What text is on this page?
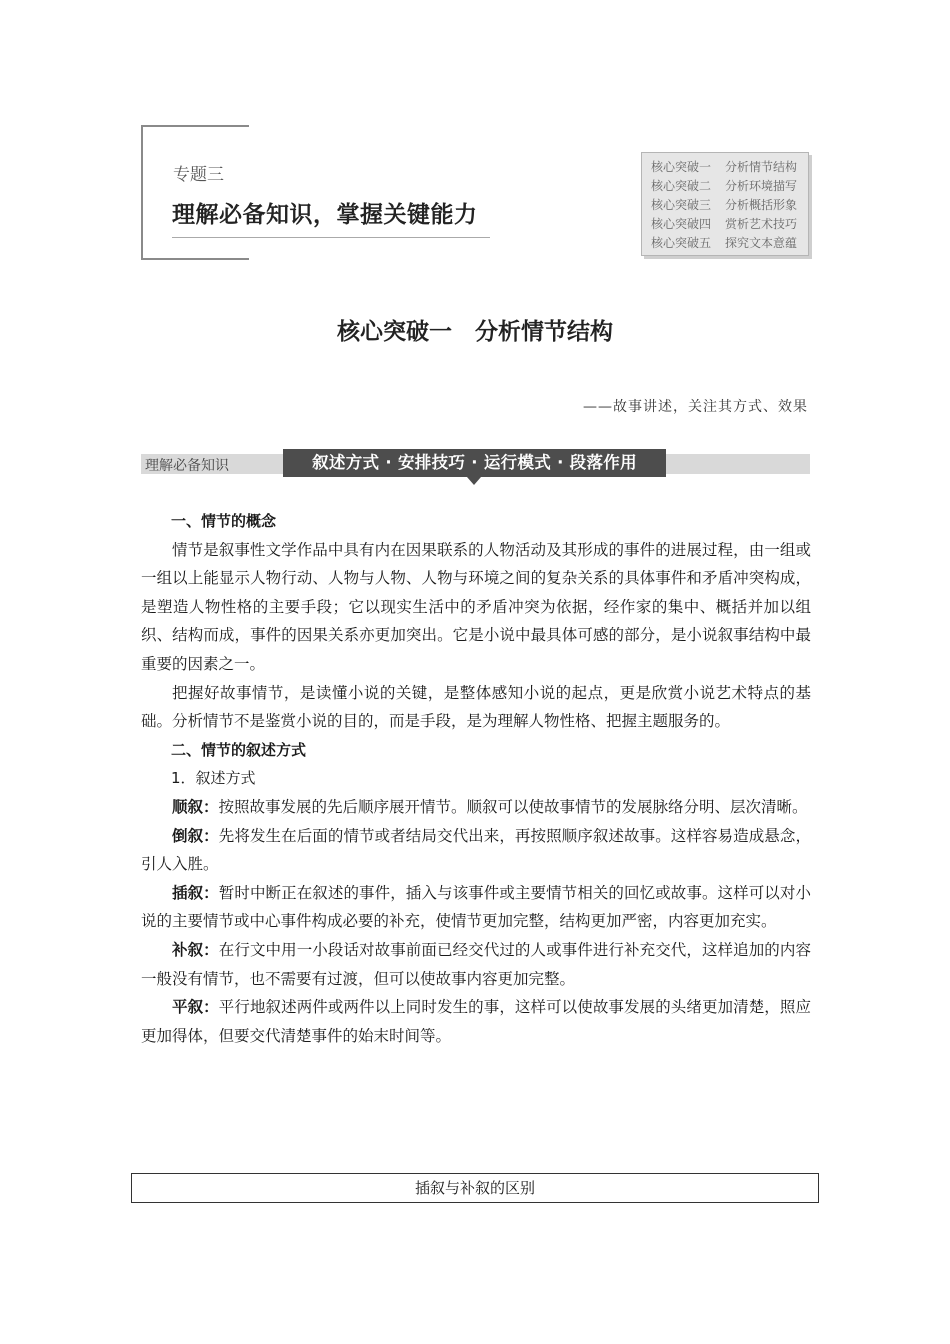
专题三
理解必备知识，掌握关键能力
核心突破一	分析情节结构
核心突破二	分析环境描写
核心突破三	分析概括形象
核心突破四	赏析艺术技巧
核心突破五	探究文本意蕴
核心突破一　分析情节结构
——故事讲述，关注其方式、效果
理解必备知识	叙述方式 · 安排技巧 · 运行模式 · 段落作用

一、情节的概念

情节是叙事性文学作品中具有内在因果联系的人物活动及其形成的事件的进展过程，由一组或一组以上能显示人物行动、人物与人物、人物与环境之间的复杂关系的具体事件和矛盾冲突构成，是塑造人物性格的主要手段；它以现实生活中的矛盾冲突为依据，经作家的集中、概括并加以组织、结构而成，事件的因果关系亦更加突出。它是小说中最具体可感的部分，是小说叙事结构中最重要的因素之一。

把握好故事情节，是读懂小说的关键，是整体感知小说的起点，更是欣赏小说艺术特点的基础。分析情节不是鉴赏小说的目的，而是手段，是为理解人物性格、把握主题服务的。

二、情节的叙述方式

1．叙述方式

顺叙：按照故事发展的先后顺序展开情节。顺叙可以使故事情节的发展脉络分明、层次清晰。

倒叙：先将发生在后面的情节或者结局交代出来，再按照顺序叙述故事。这样容易造成悬念，引人入胜。

插叙：暂时中断正在叙述的事件，插入与该事件或主要情节相关的回忆或故事。这样可以对小说的主要情节或中心事件构成必要的补充，使情节更加完整，结构更加严密，内容更加充实。

补叙：在行文中用一小段话对故事前面已经交代过的人或事件进行补充交代，这样追加的内容一般没有情节，也不需要有过渡，但可以使故事内容更加完整。

平叙：平行地叙述两件或两件以上同时发生的事，这样可以使故事发展的头绪更加清楚，照应更加得体，但要交代清楚事件的始末时间等。

插叙与补叙的区别
